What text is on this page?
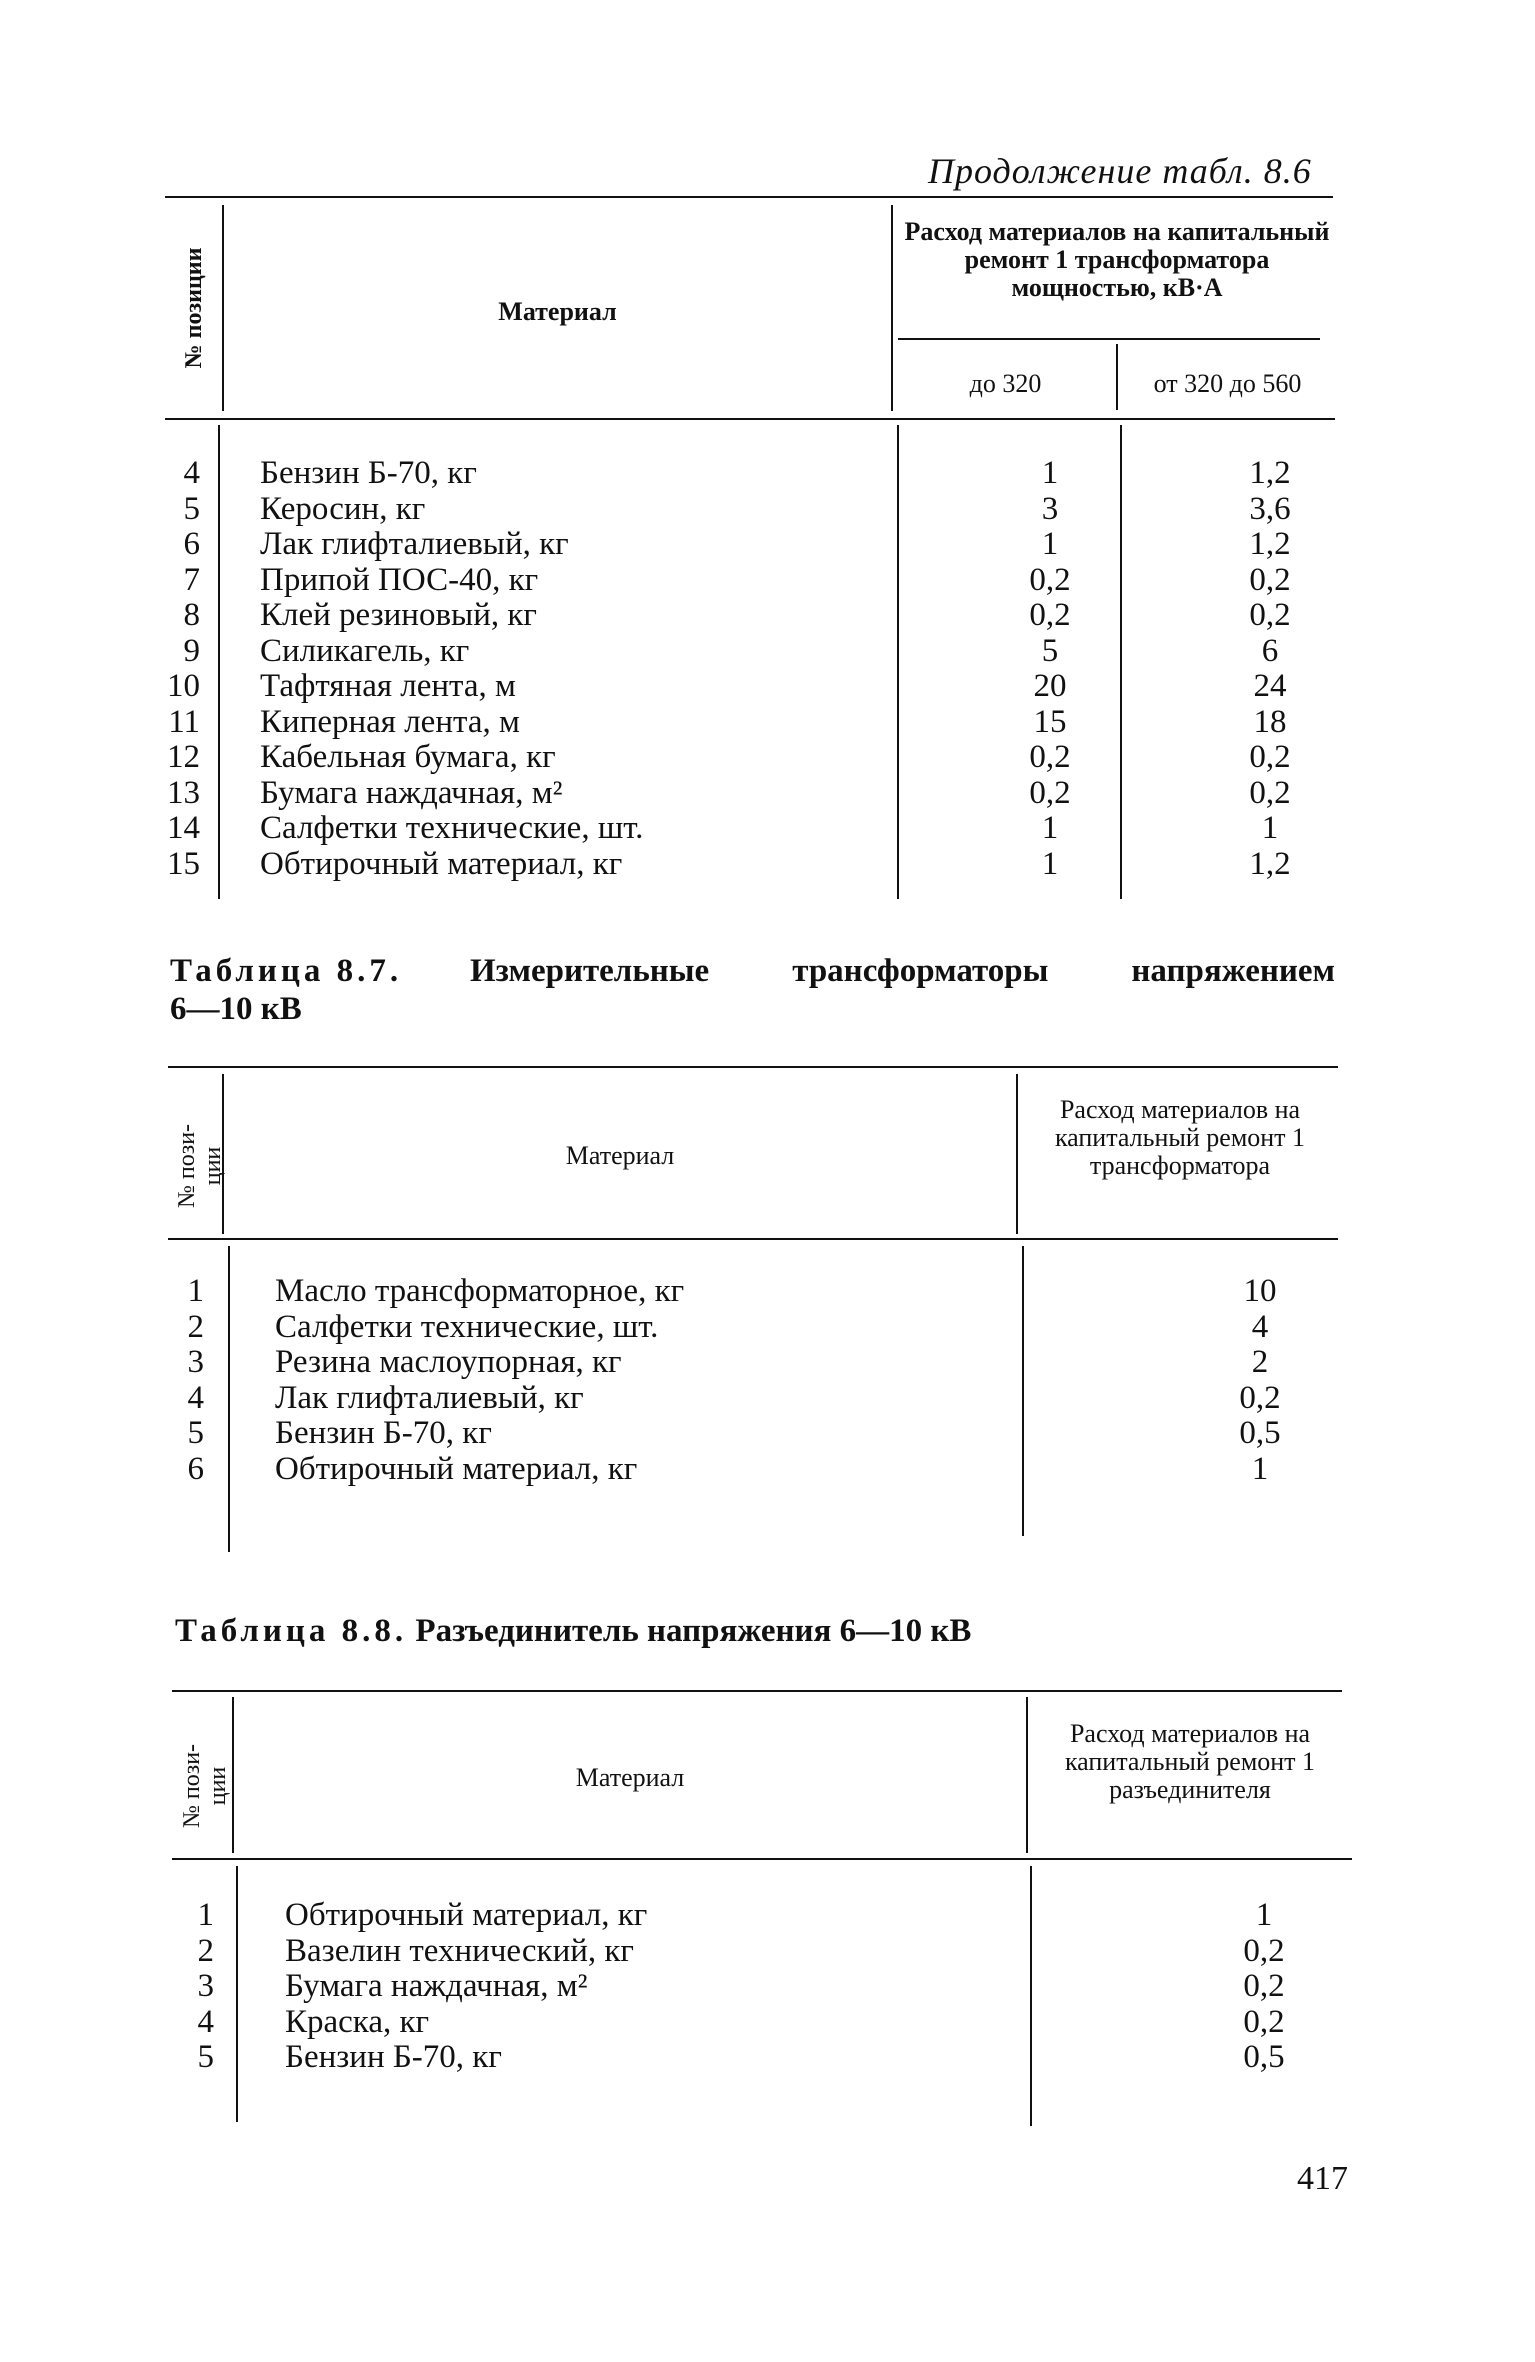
Продолжение табл. 8.6
№ позиции	Материал
Расход материалов на капитальный ремонт 1 трансформатора мощностью, кВ·А
до 320	от 320 до 560
4 Бензин Б-70, кг	1	1,2
5 Керосин, кг	3	3,6
6 Лак глифталиевый, кг	1	1,2
7 Припой ПОС-40, кг	0,2	0,2
8 Клей резиновый, кг	0,2	0,2
9 Силикагель, кг	5	6
10 Тафтяная лента, м	20	24
11 Киперная лента, м	15	18
12 Кабельная бумага, кг	0,2	0,2
13 Бумага наждачная, м²	0,2	0,2
14 Салфетки технические, шт.	1	1
15 Обтирочный материал, кг	1	1,2
Таблица 8.7. Измерительные трансформаторы напряжением
6—10 кВ
№ пози- ции	Материал
Расход материалов на капитальный ремонт 1 трансформатора
1 Масло трансформаторное, кг	10
2 Салфетки технические, шт.	4
3 Резина маслоупорная, кг	2
4 Лак глифталиевый, кг	0,2
5 Бензин Б-70, кг	0,5
6 Обтирочный материал, кг	1
Таблица 8.8. Разъединитель напряжения 6—10 кВ
№ пози- ции	Материал
Расход материалов на капитальный ремонт 1 разъединителя
1 Обтирочный материал, кг	1
2 Вазелин технический, кг	0,2
3 Бумага наждачная, м²	0,2
4 Краска, кг	0,2
5 Бензин Б-70, кг	0,5
417
